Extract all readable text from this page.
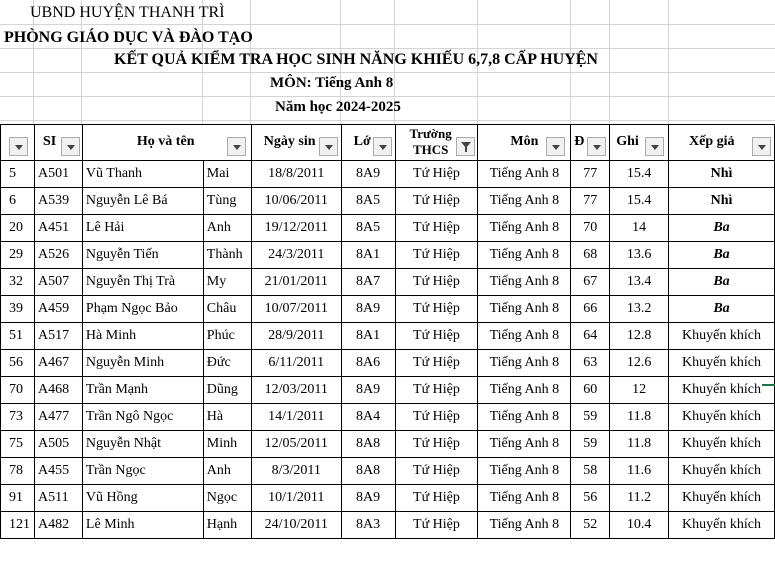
UBND HUYỆN THANH TRÌ
PHÒNG GIÁO DỤC VÀ ĐÀO TẠO
KẾT QUẢ KIỂM TRA HỌC SINH NĂNG KHIẾU 6,7,8 CẤP HUYỆN
MÔN: Tiếng Anh 8
Năm học 2024-2025

	SI	Họ và tên		Ngày sin	Lớ	Trường
THCS	Môn	Đ	Ghi	Xếp giả

5	A501	Vũ Thanh	Mai	18/8/2011	8A9	Tứ Hiệp	Tiếng Anh 8	77	15.4	Nhì
6	A539	Nguyễn Lê Bá	Tùng	10/06/2011	8A5	Tứ Hiệp	Tiếng Anh 8	77	15.4	Nhì
20	A451	Lê Hải	Anh	19/12/2011	8A5	Tứ Hiệp	Tiếng Anh 8	70	14	Ba
29	A526	Nguyễn Tiến	Thành	24/3/2011	8A1	Tứ Hiệp	Tiếng Anh 8	68	13.6	Ba
32	A507	Nguyễn Thị Trà	My	21/01/2011	8A7	Tứ Hiệp	Tiếng Anh 8	67	13.4	Ba
39	A459	Phạm Ngọc Bảo	Châu	10/07/2011	8A9	Tứ Hiệp	Tiếng Anh 8	66	13.2	Ba
51	A517	Hà Minh	Phúc	28/9/2011	8A1	Tứ Hiệp	Tiếng Anh 8	64	12.8	Khuyến khích
56	A467	Nguyễn Minh	Đức	6/11/2011	8A6	Tứ Hiệp	Tiếng Anh 8	63	12.6	Khuyến khích
70	A468	Trần Mạnh	Dũng	12/03/2011	8A9	Tứ Hiệp	Tiếng Anh 8	60	12	Khuyến khích
73	A477	Trần Ngô Ngọc	Hà	14/1/2011	8A4	Tứ Hiệp	Tiếng Anh 8	59	11.8	Khuyến khích
75	A505	Nguyễn Nhật	Minh	12/05/2011	8A8	Tứ Hiệp	Tiếng Anh 8	59	11.8	Khuyến khích
78	A455	Trần Ngọc	Anh	8/3/2011	8A8	Tứ Hiệp	Tiếng Anh 8	58	11.6	Khuyến khích
91	A511	Vũ Hồng	Ngọc	10/1/2011	8A9	Tứ Hiệp	Tiếng Anh 8	56	11.2	Khuyến khích
121	A482	Lê Minh	Hạnh	24/10/2011	8A3	Tứ Hiệp	Tiếng Anh 8	52	10.4	Khuyến khích
